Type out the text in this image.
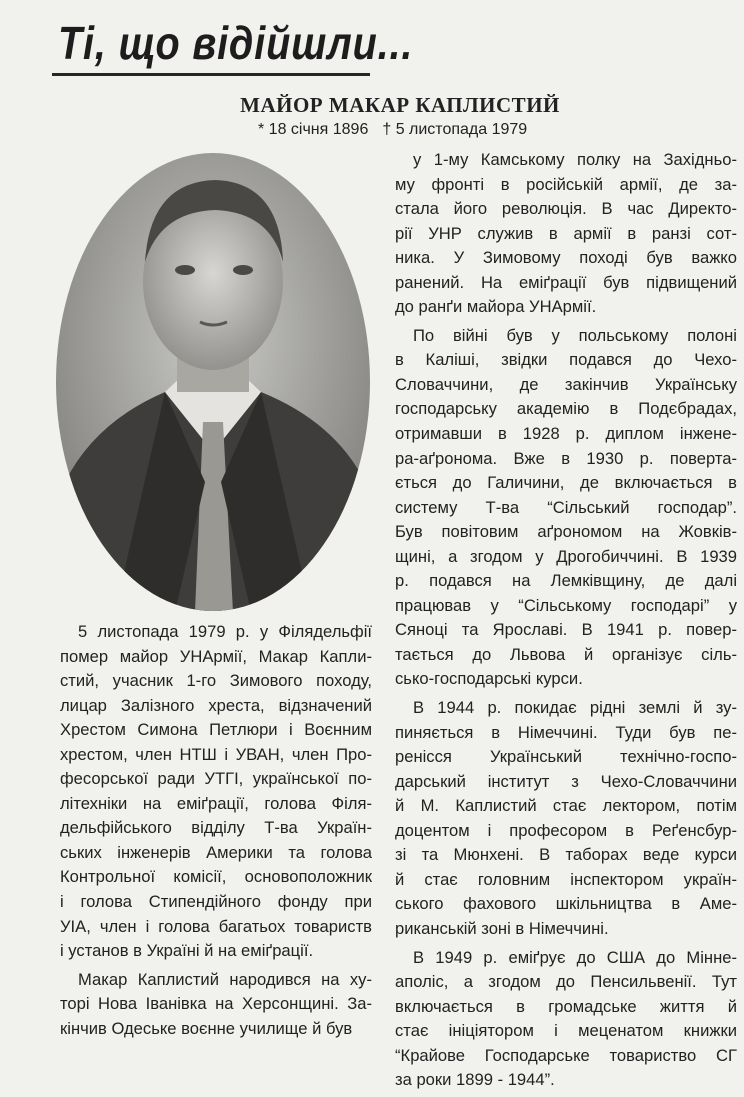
Ті, що відійшли...
МАЙОР МАКАР КАПЛИСТИЙ
* 18 січня 1896 † 5 листопада 1979
5 листопада 1979 р. у Філядельфії
помер майор УНАрмії, Макар Капли-
стий, учасник 1-го Зимового походу,
лицар Залізного хреста, відзначений
Хрестом Симона Петлюри і Воєнним
хрестом, член НТШ і УВАН, член Про-
фесорської ради УТГІ, української по-
літехніки на еміґрації, голова Філя-
дельфійського відділу Т-ва Україн-
ських інженерів Америки та голова
Контрольної комісії, основоположник
і голова Стипендійного фонду при
УІА, член і голова багатьох товариств
і установ в Україні й на еміґрації.
Макар Каплистий народився на ху-
торі Нова Іванівка на Херсонщині. За-
кінчив Одеське воєнне училище й був
у 1-му Камському полку на Західньо-
му фронті в російській армії, де за-
стала його революція. В час Директо-
рії УНР служив в армії в ранзі сот-
ника. У Зимовому поході був важко
ранений. На еміґрації був підвищений
до ранґи майора УНАрмії.
По війні був у польському полоні
в Каліші, звідки подався до Чехо-
Словаччини, де закінчив Українську
господарську академію в Подєбрадах,
отримавши в 1928 р. диплом інжене-
ра-аґронома. Вже в 1930 р. поверта-
ється до Галичини, де включається в
систему Т-ва “Сільський господар”.
Був повітовим аґрономом на Жовків-
щині, а згодом у Дрогобиччині. В 1939
р. подався на Лемківщину, де далі
працював у “Сільському господарі” у
Сяноці та Ярославі. В 1941 р. повер-
тається до Львова й організує сіль-
сько-господарські курси.
В 1944 р. покидає рідні землі й зу-
пиняється в Німеччині. Туди був пе-
ренісся Український технічно-госпо-
дарський інститут з Чехо-Словаччини
й М. Каплистий стає лектором, потім
доцентом і професором в Реґенсбур-
зі та Мюнхені. В таборах веде курси
й стає головним інспектором україн-
ського фахового шкільництва в Аме-
риканській зоні в Німеччині.
В 1949 р. еміґрує до США до Мінне-
аполіс, а згодом до Пенсильвенії. Тут
включається в громадське життя й
стає ініціятором і меценатом книжки
“Крайове Господарське товариство СГ
за роки 1899 - 1944”.
